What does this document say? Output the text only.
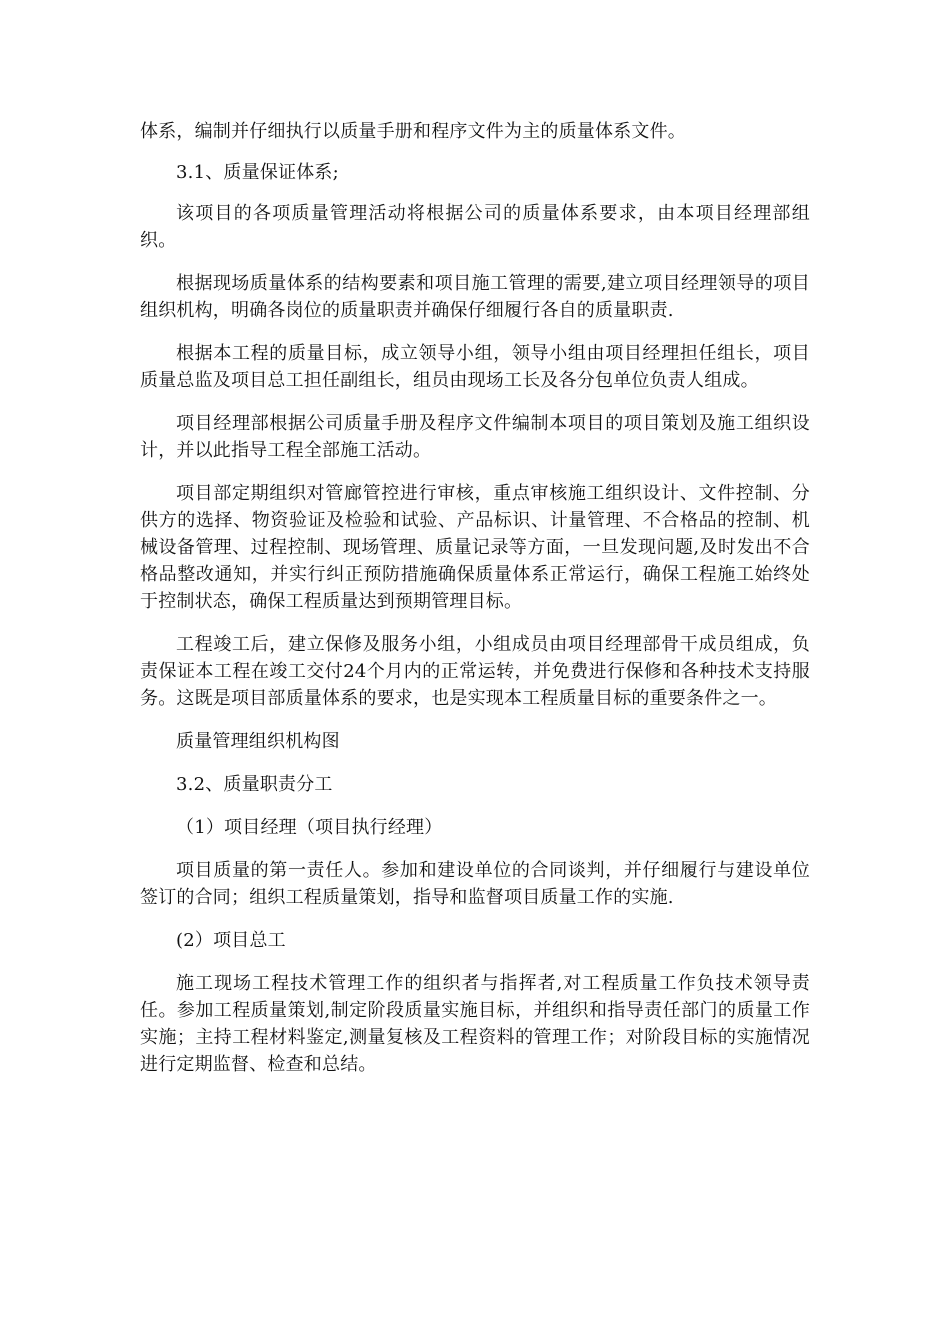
体系，编制并仔细执行以质量手册和程序文件为主的质量体系文件。

3.1、质量保证体系;

该项目的各项质量管理活动将根据公司的质量体系要求，由本项目经理部组织。

根据现场质量体系的结构要素和项目施工管理的需要,建立项目经理领导的项目组织机构，明确各岗位的质量职责并确保仔细履行各自的质量职责.

根据本工程的质量目标，成立领导小组，领导小组由项目经理担任组长，项目质量总监及项目总工担任副组长，组员由现场工长及各分包单位负责人组成。

项目经理部根据公司质量手册及程序文件编制本项目的项目策划及施工组织设计，并以此指导工程全部施工活动。

项目部定期组织对管廊管控进行审核，重点审核施工组织设计、文件控制、分供方的选择、物资验证及检验和试验、产品标识、计量管理、不合格品的控制、机械设备管理、过程控制、现场管理、质量记录等方面，一旦发现问题,及时发出不合格品整改通知，并实行纠正预防措施确保质量体系正常运行，确保工程施工始终处于控制状态，确保工程质量达到预期管理目标。

工程竣工后，建立保修及服务小组，小组成员由项目经理部骨干成员组成，负责保证本工程在竣工交付24个月内的正常运转，并免费进行保修和各种技术支持服务。这既是项目部质量体系的要求，也是实现本工程质量目标的重要条件之一。

质量管理组织机构图

3.2、质量职责分工

（1）项目经理（项目执行经理）

项目质量的第一责任人。参加和建设单位的合同谈判，并仔细履行与建设单位签订的合同；组织工程质量策划，指导和监督项目质量工作的实施.

(2）项目总工

施工现场工程技术管理工作的组织者与指挥者,对工程质量工作负技术领导责任。参加工程质量策划,制定阶段质量实施目标，并组织和指导责任部门的质量工作实施；主持工程材料鉴定,测量复核及工程资料的管理工作；对阶段目标的实施情况进行定期监督、检查和总结。
